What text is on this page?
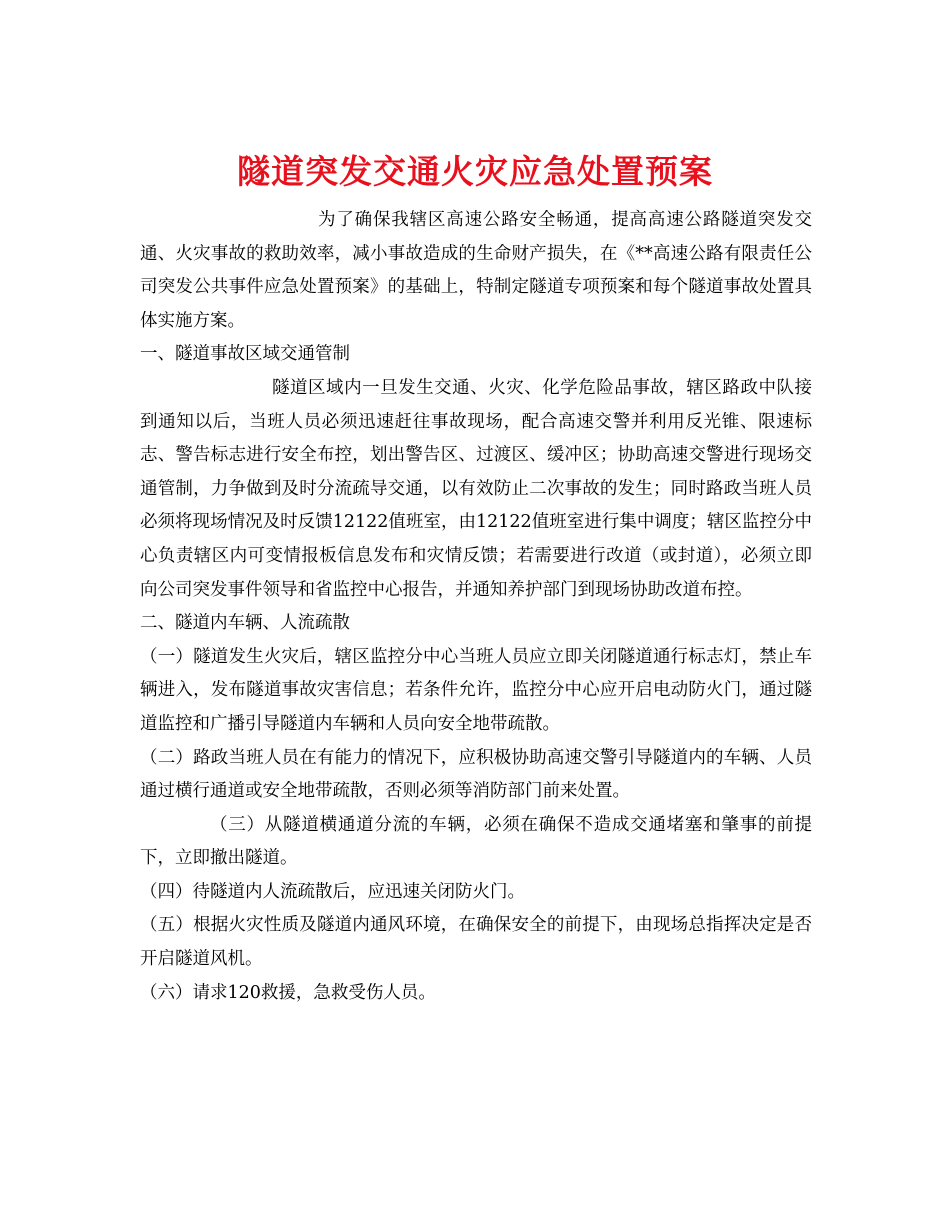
隧道突发交通火灾应急处置预案

为了确保我辖区高速公路安全畅通，提高高速公路隧道突发交通、火灾事故的救助效率，减小事故造成的生命财产损失，在《**高速公路有限责任公司突发公共事件应急处置预案》的基础上，特制定隧道专项预案和每个隧道事故处置具体实施方案。

一、隧道事故区域交通管制

隧道区域内一旦发生交通、火灾、化学危险品事故，辖区路政中队接到通知以后，当班人员必须迅速赶往事故现场，配合高速交警并利用反光锥、限速标志、警告标志进行安全布控，划出警告区、过渡区、缓冲区；协助高速交警进行现场交通管制，力争做到及时分流疏导交通，以有效防止二次事故的发生；同时路政当班人员必须将现场情况及时反馈12122值班室，由12122值班室进行集中调度；辖区监控分中心负责辖区内可变情报板信息发布和灾情反馈；若需要进行改道（或封道），必须立即向公司突发事件领导和省监控中心报告，并通知养护部门到现场协助改道布控。

二、隧道内车辆、人流疏散

（一）隧道发生火灾后，辖区监控分中心当班人员应立即关闭隧道通行标志灯，禁止车辆进入，发布隧道事故灾害信息；若条件允许，监控分中心应开启电动防火门，通过隧道监控和广播引导隧道内车辆和人员向安全地带疏散。

（二）路政当班人员在有能力的情况下，应积极协助高速交警引导隧道内的车辆、人员通过横行通道或安全地带疏散，否则必须等消防部门前来处置。

（三）从隧道横通道分流的车辆，必须在确保不造成交通堵塞和肇事的前提下，立即撤出隧道。

（四）待隧道内人流疏散后，应迅速关闭防火门。

（五）根据火灾性质及隧道内通风环境，在确保安全的前提下，由现场总指挥决定是否开启隧道风机。

（六）请求120救援，急救受伤人员。
